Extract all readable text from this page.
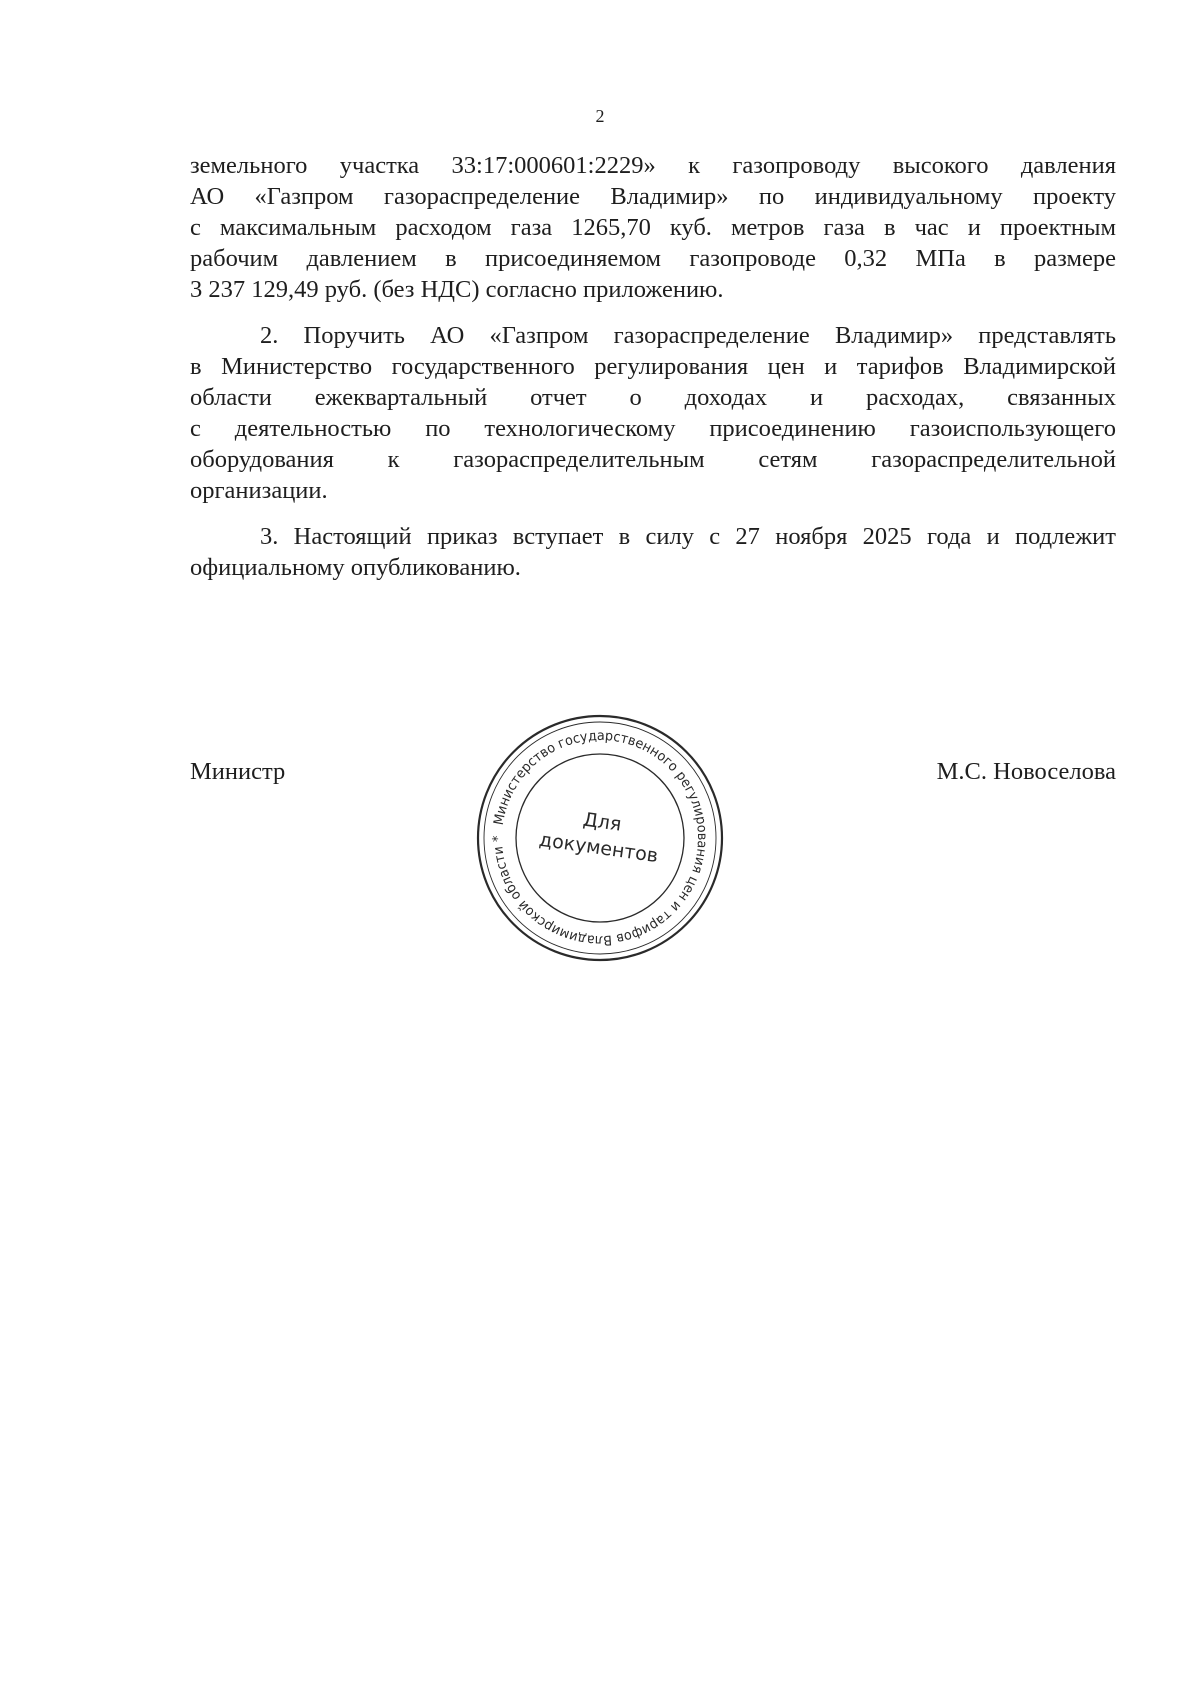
2

земельного участка 33:17:000601:2229» к газопроводу высокого давления
АО «Газпром газораспределение Владимир» по индивидуальному проекту
с максимальным расходом газа 1265,70 куб. метров газа в час и проектным
рабочим давлением в присоединяемом газопроводе 0,32 МПа в размере
3 237 129,49 руб. (без НДС) согласно приложению.

2. Поручить АО «Газпром газораспределение Владимир» представлять
в Министерство государственного регулирования цен и тарифов Владимирской
области ежеквартальный отчет о доходах и расходах, связанных
с деятельностью по технологическому присоединению газоиспользующего
оборудования к газораспределительным сетям газораспределительной
организации.

3. Настоящий приказ вступает в силу с 27 ноября 2025 года и подлежит
официальному опубликованию.

Министр	М.С. Новоселова
Министерство государственного регулирования цен и тарифов Владимирской области *
Для
документов
